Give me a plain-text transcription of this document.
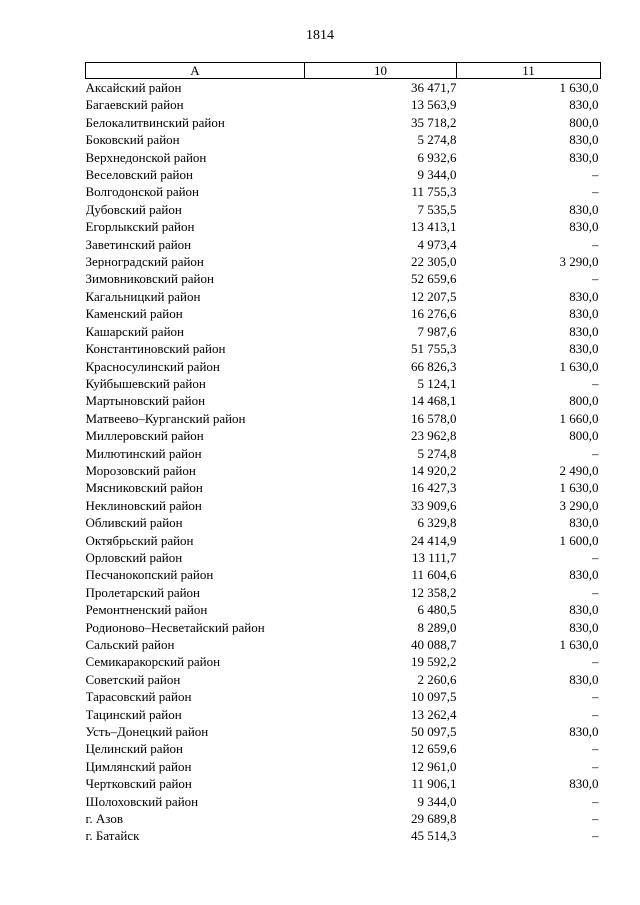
1814
A	10	11
Аксайский район	36 471,7	1 630,0
Багаевский район	13 563,9	830,0
Белокалитвинский район	35 718,2	800,0
Боковский район	5 274,8	830,0
Верхнедонской район	6 932,6	830,0
Веселовский район	9 344,0	–
Волгодонской район	11 755,3	–
Дубовский район	7 535,5	830,0
Егорлыкский район	13 413,1	830,0
Заветинский район	4 973,4	–
Зерноградский район	22 305,0	3 290,0
Зимовниковский район	52 659,6	–
Кагальницкий район	12 207,5	830,0
Каменский район	16 276,6	830,0
Кашарский район	7 987,6	830,0
Константиновский район	51 755,3	830,0
Красносулинский район	66 826,3	1 630,0
Куйбышевский район	5 124,1	–
Мартыновский район	14 468,1	800,0
Матвеево–Курганский район	16 578,0	1 660,0
Миллеровский район	23 962,8	800,0
Милютинский район	5 274,8	–
Морозовский район	14 920,2	2 490,0
Мясниковский район	16 427,3	1 630,0
Неклиновский район	33 909,6	3 290,0
Обливский район	6 329,8	830,0
Октябрьский район	24 414,9	1 600,0
Орловский район	13 111,7	–
Песчанокопский район	11 604,6	830,0
Пролетарский район	12 358,2	–
Ремонтненский район	6 480,5	830,0
Родионово–Несветайский район	8 289,0	830,0
Сальский район	40 088,7	1 630,0
Семикаракорский район	19 592,2	–
Советский район	2 260,6	830,0
Тарасовский район	10 097,5	–
Тацинский район	13 262,4	–
Усть–Донецкий район	50 097,5	830,0
Целинский район	12 659,6	–
Цимлянский район	12 961,0	–
Чертковский район	11 906,1	830,0
Шолоховский район	9 344,0	–
г. Азов	29 689,8	–
г. Батайск	45 514,3	–
